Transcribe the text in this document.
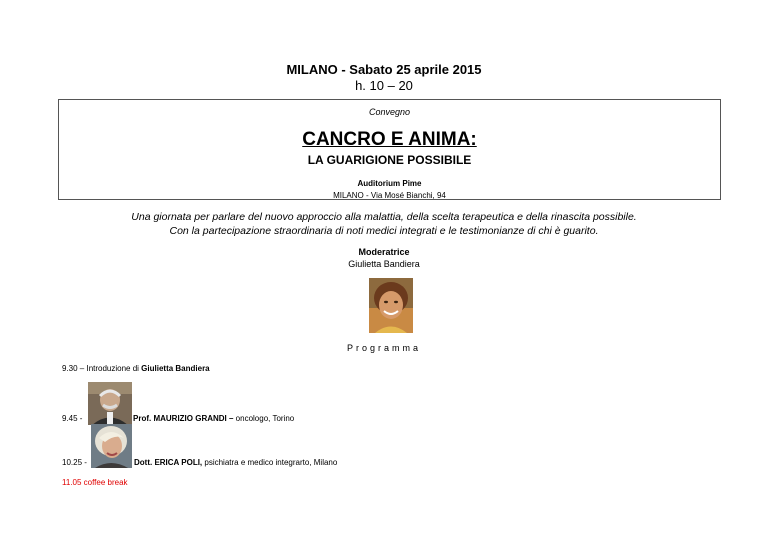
MILANO - Sabato 25 aprile 2015
h. 10 – 20
Convegno
CANCRO E ANIMA:
LA GUARIGIONE POSSIBILE
Auditorium Pime
MILANO - Via Mosé Bianchi, 94
Una giornata per parlare del nuovo approccio alla malattia, della scelta terapeutica e della rinascita possibile.
Con la partecipazione straordinaria di noti medici integrati e le testimonianze di chi è guarito.
Moderatrice
Giulietta Bandiera
Programma
9.30 – Introduzione di Giulietta Bandiera
9.45 -	Prof. MAURIZIO GRANDI – oncologo, Torino
10.25 -	Dott. ERICA POLI, psichiatra e medico integrarto, Milano
11.05 coffee break
